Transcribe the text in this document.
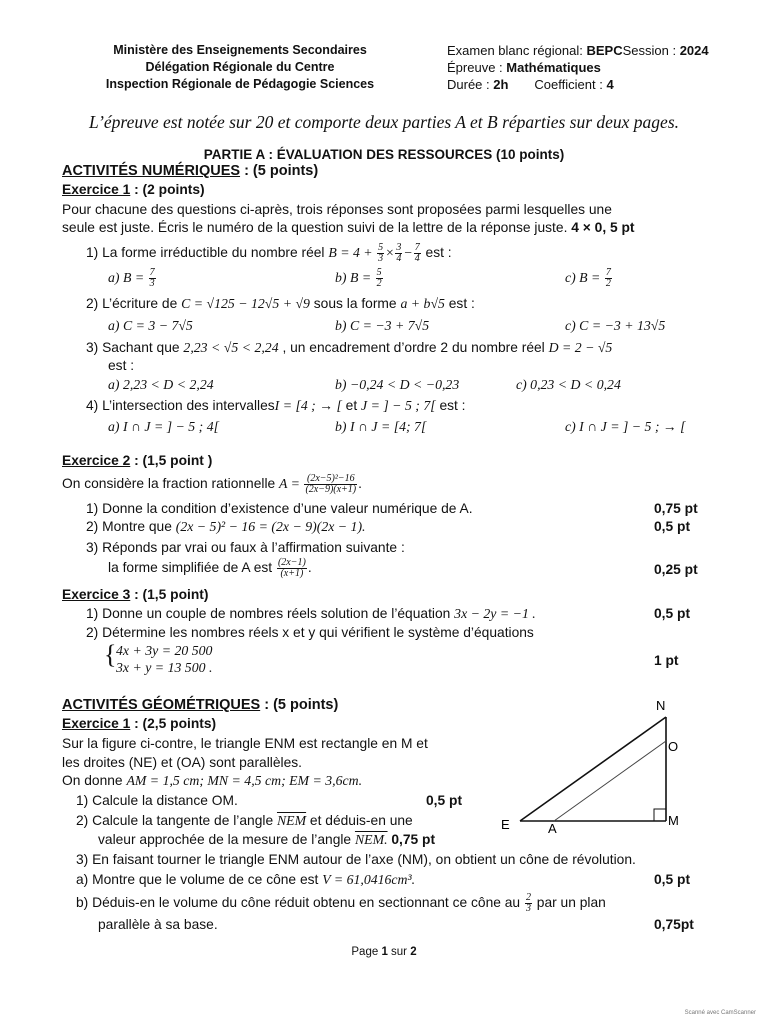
Ministère des Enseignements Secondaires
Délégation Régionale du Centre
Inspection Régionale de Pédagogie Sciences
Examen blanc régional: BEPCSession : 2024
Épreuve : Mathématiques
Durée : 2h Coefficient : 4
L’épreuve est notée sur 20 et comporte deux parties A et B réparties sur deux pages.
PARTIE A : ÉVALUATION DES RESSOURCES (10 points)
ACTIVITÉS NUMÉRIQUES : (5 points)
Exercice 1 : (2 points)
Pour chacune des questions ci-après, trois réponses sont proposées parmi lesquelles une
seule est juste. Écris le numéro de la question suivi de la lettre de la réponse juste. 4 × 0, 5 pt
1) La forme irréductible du nombre réel $B = 4 + \frac{5}{3} \times \frac{3}{4} - \frac{7}{4}$ est :
a) $B = \frac{7}{3}$	b) $B = \frac{5}{2}$	c) $B = \frac{7}{2}$
2) L’écriture de C = √125 − 12√5 + √9 sous la forme a + b√5 est :
a) C = 3 − 7√5	b) C = −3 + 7√5	c) C = −3 + 13√5
3) Sachant que 2,23 < √5 < 2,24 , un encadrement d’ordre 2 du nombre réel D = 2 − √5
est :
a) 2,23 < D < 2,24	b) −0,24 < D < −0,23	c) 0,23 < D < 0,24
4) L’intersection des intervallesI = [4 ; → [ et J = ] − 5 ; 7[ est :
a) I ∩ J = ] − 5 ; 4[	b) I ∩ J = [4; 7[	c) I ∩ J = ] − 5 ; → [
Exercice 2 : (1,5 point )
On considère la fraction rationnelle $A = \frac{\text{(2x−5)²−16}}{(2x-9)(x+1)}$ .
1) Donne la condition d’existence d’une valeur numérique de A.	0,75 pt
2) Montre que (2x − 5)² − 16 = (2x − 9)(2x − 1).	0,5 pt
3) Réponds par vrai ou faux à l’affirmation suivante :
la forme simplifiée de A est $\frac{(2x-1)}{(x+1)}$ .	0,25 pt
Exercice 3 : (1,5 point)
1) Donne un couple de nombres réels solution de l’équation 3x − 2y = −1 .	0,5 pt
2) Détermine les nombres réels x et y qui vérifient le système d’équations
{ 4x + 3y = 20 500
3x + y = 13 500 .	1 pt
ACTIVITÉS GÉOMÉTRIQUES : (5 points)
Exercice 1 : (2,5 points)
Sur la figure ci-contre, le triangle ENM est rectangle en M et
les droites (NE) et (OA) sont parallèles.
On donne AM = 1,5 cm; MN = 4,5 cm; EM = 3,6cm.
1) Calcule la distance OM.	0,5 pt
2) Calcule la tangente de l’angle $\overline{NEM}$ et déduis-en une
valeur approchée de la mesure de l’angle NEM. 0,75 pt
3) En faisant tourner le triangle ENM autour de l’axe (NM), on obtient un cône de révolution.
a) Montre que le volume de ce cône est V = 61,0416cm³.	0,5 pt
b) Déduis-en le volume du cône réduit obtenu en sectionnant ce cône au $\frac{2}{3}$ par un plan
parallèle à sa base.	0,75pt
N
O
E	A
M
Page 1 sur 2
Scanné avec CamScanner
